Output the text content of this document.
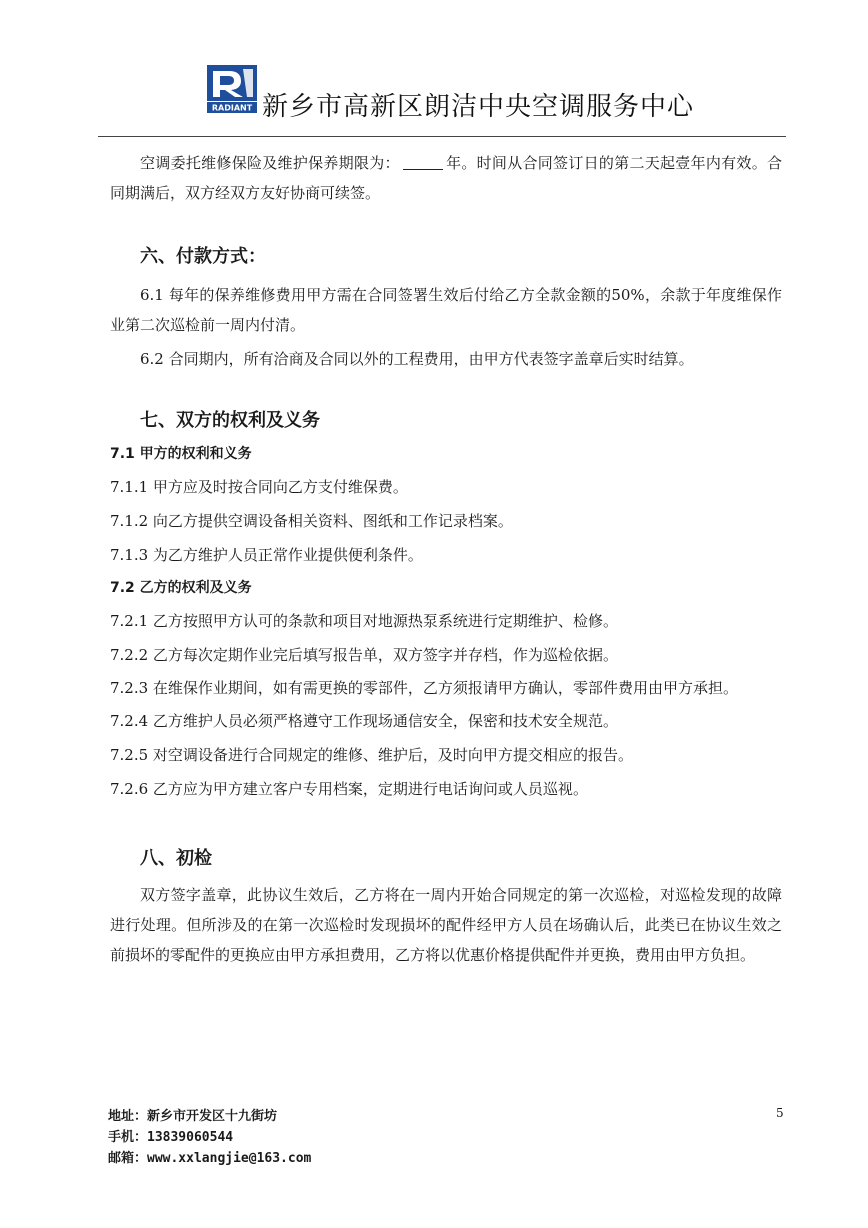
RADIANT 新乡市高新区朗洁中央空调服务中心

空调委托维修保险及维护保养期限为：	年。时间从合同签订日的第二天起壹年内有效。合同期满后，双方经双方友好协商可续签。

六、付款方式：

6.1 每年的保养维修费用甲方需在合同签署生效后付给乙方全款金额的50%，余款于年度维保作业第二次巡检前一周内付清。

6.2 合同期内，所有洽商及合同以外的工程费用，由甲方代表签字盖章后实时结算。

七、双方的权利及义务
7.1 甲方的权利和义务

7.1.1 甲方应及时按合同向乙方支付维保费。

7.1.2 向乙方提供空调设备相关资料、图纸和工作记录档案。

7.1.3 为乙方维护人员正常作业提供便利条件。

7.2 乙方的权利及义务

7.2.1 乙方按照甲方认可的条款和项目对地源热泵系统进行定期维护、检修。

7.2.2 乙方每次定期作业完后填写报告单，双方签字并存档，作为巡检依据。

7.2.3 在维保作业期间，如有需更换的零部件，乙方须报请甲方确认，零部件费用由甲方承担。

7.2.4 乙方维护人员必须严格遵守工作现场通信安全，保密和技术安全规范。

7.2.5 对空调设备进行合同规定的维修、维护后，及时向甲方提交相应的报告。

7.2.6 乙方应为甲方建立客户专用档案，定期进行电话询问或人员巡视。

八、初检

双方签字盖章，此协议生效后，乙方将在一周内开始合同规定的第一次巡检，对巡检发现的故障进行处理。但所涉及的在第一次巡检时发现损坏的配件经甲方人员在场确认后，此类已在协议生效之前损坏的零配件的更换应由甲方承担费用，乙方将以优惠价格提供配件并更换，费用由甲方负担。

地址：新乡市开发区十九街坊
手机：13839060544
邮箱：www.xxlangjie@163.com
5
